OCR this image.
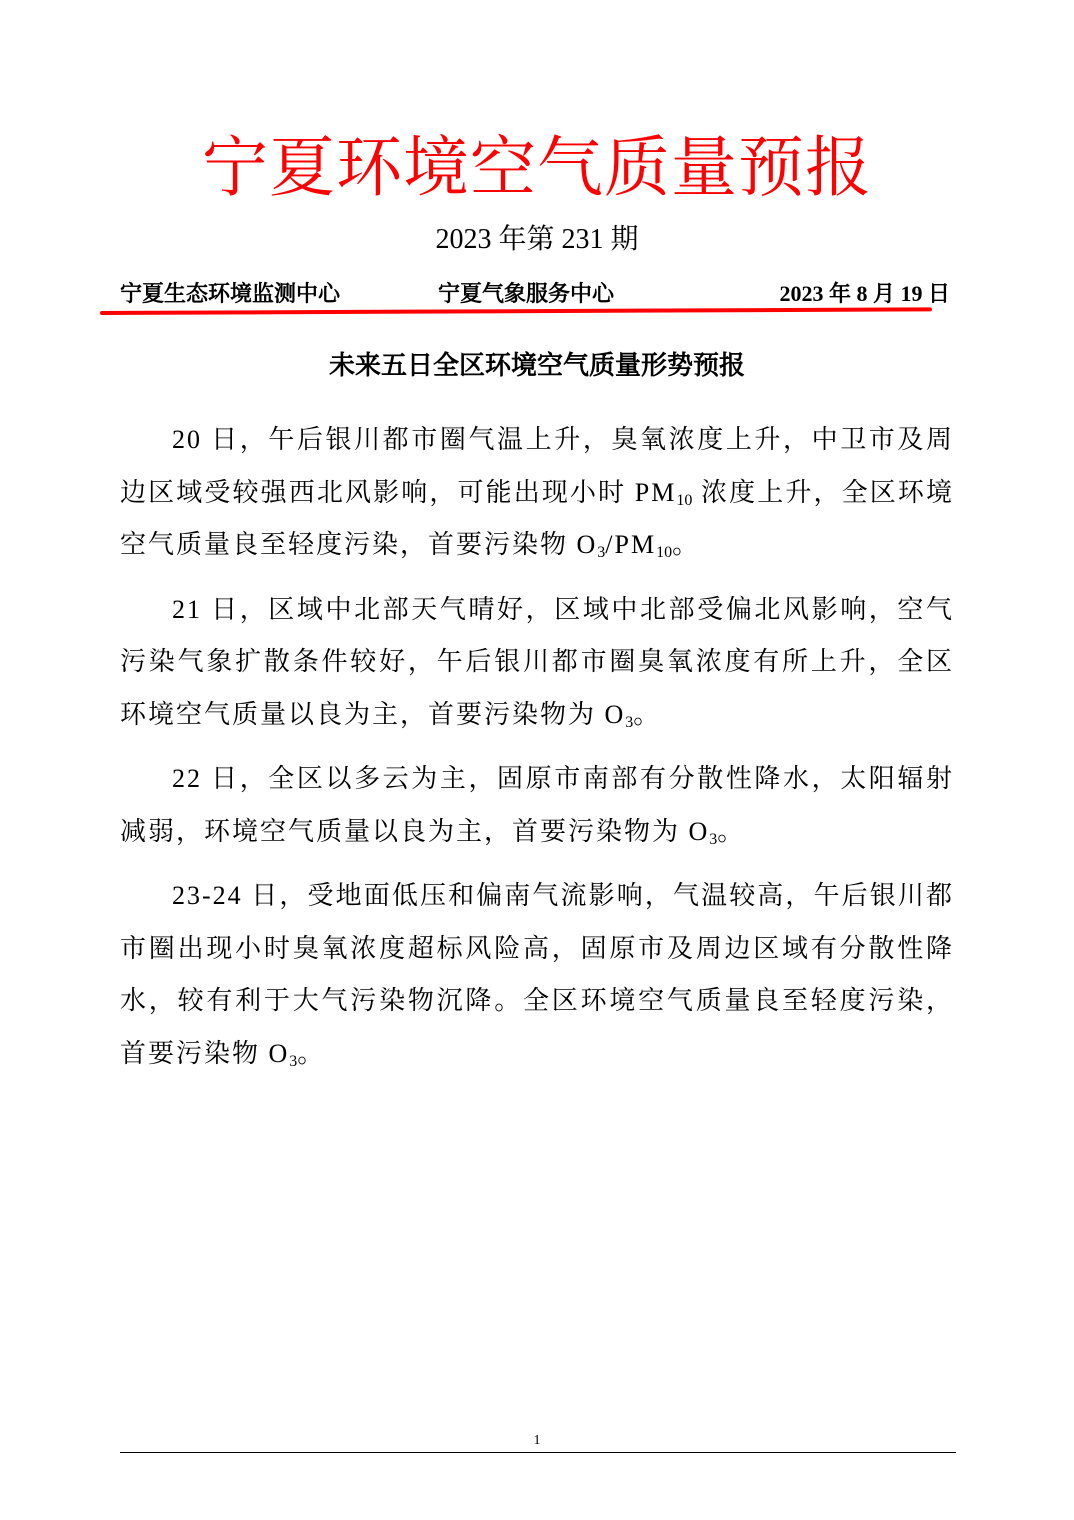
宁夏环境空气质量预报
2023 年第 231 期
宁夏生态环境监测中心	宁夏气象服务中心	2023 年 8 月 19 日
未来五日全区环境空气质量形势预报

20 日，午后银川都市圈气温上升，臭氧浓度上升，中卫市及周边区域受较强西北风影响，可能出现小时 $PM_{10}$ 浓度上升，全区环境空气质量良至轻度污染，首要污染物 $O_3/PM_{10}$。

21 日，区域中北部天气晴好，区域中北部受偏北风影响，空气污染气象扩散条件较好，午后银川都市圈臭氧浓度有所上升，全区环境空气质量以良为主，首要污染物为 $O_3$。

22 日，全区以多云为主，固原市南部有分散性降水，太阳辐射减弱，环境空气质量以良为主，首要污染物为 $O_3$。

23-24 日，受地面低压和偏南气流影响，气温较高，午后银川都市圈出现小时臭氧浓度超标风险高，固原市及周边区域有分散性降水，较有利于大气污染物沉降。全区环境空气质量良至轻度污染，首要污染物 $O_3$。

1
